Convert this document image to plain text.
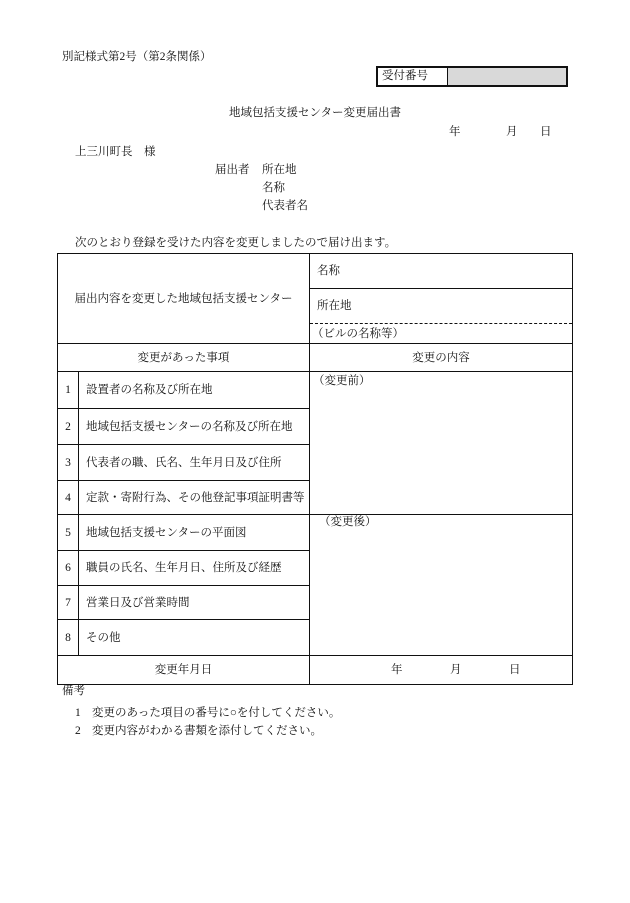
別記様式第2号（第2条関係）
受付番号
地域包括支援センター変更届出書
年	月 日
上三川町長　様
届出者 所在地
名称
代表者名
次のとおり登録を受けた内容を変更しましたので届け出ます。
届出内容を変更した地域包括支援センター
名称
所在地
（ビルの名称等）
変更があった事項	変更の内容
1	設置者の名称及び所在地
2	地域包括支援センターの名称及び所在地
3	代表者の職、氏名、生年月日及び住所
4	定款・寄附行為、その他登記事項証明書等
5	地域包括支援センターの平面図
6	職員の氏名、生年月日、住所及び経歴
7	営業日及び営業時間
8	その他
（変更前）
（変更後）
変更年月日	年	月	日
備考
1 変更のあった項目の番号に○を付してください。
2 変更内容がわかる書類を添付してください。
